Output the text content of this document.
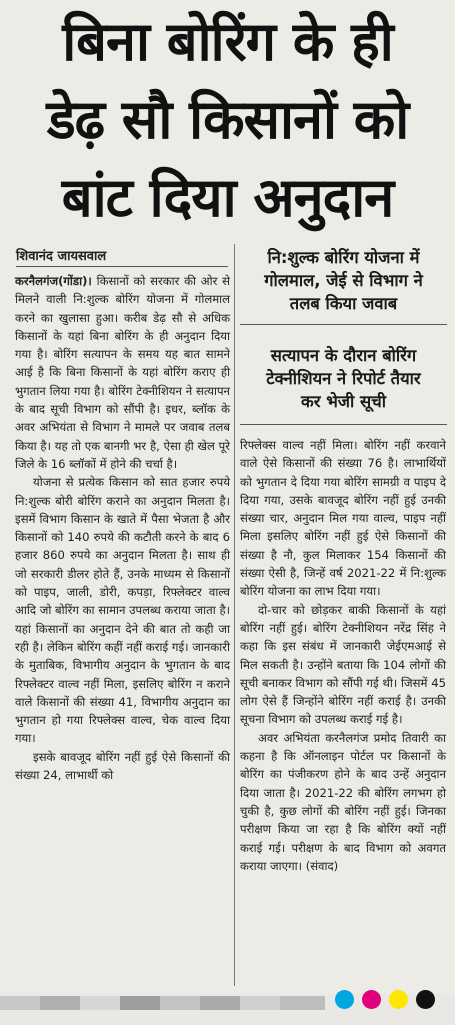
बिना बोरिंग के ही
डेढ़ सौ किसानों को
बांट दिया अनुदान
शिवानंद जायसवाल	नि:शुल्क बोरिंग योजना में
गोलमाल, जेई से विभाग ने
तलब किया जवाब
सत्यापन के दौरान बोरिंग
टेक्नीशियन ने रिपोर्ट तैयार
कर भेजी सूची

करनैलगंज(गोंडा)। किसानों को सरकार की ओर से मिलने वाली नि:शुल्क बोरिंग योजना में गोलमाल करने का खुलासा हुआ। करीब डेढ़ सौ से अधिक किसानों के यहां बिना बोरिंग के ही अनुदान दिया गया है। बोरिंग सत्यापन के समय यह बात सामने आई है कि बिना किसानों के यहां बोरिंग कराए ही भुगतान लिया गया है। बोरिंग टेक्नीशियन ने सत्यापन के बाद सूची विभाग को सौंपी है। इधर, ब्लॉक के अवर अभियंता से विभाग ने मामले पर जवाब तलब किया है। यह तो एक बानगी भर है, ऐसा ही खेल पूरे जिले के 16 ब्लॉकों में होने की चर्चा है।

योजना से प्रत्येक किसान को सात हजार रुपये नि:शुल्क बोरी बोरिंग कराने का अनुदान मिलता है। इसमें विभाग किसान के खाते में पैसा भेजता है और किसानों को 140 रुपये की कटौती करने के बाद 6 हजार 860 रुपये का अनुदान मिलता है। साथ ही जो सरकारी डीलर होते हैं, उनके माध्यम से किसानों को पाइप, जाली, डोरी, कपड़ा, रिफ्लेक्टर वाल्व आदि जो बोरिंग का सामान उपलब्ध कराया जाता है। यहां किसानों का अनुदान देने की बात तो कही जा रही है। लेकिन बोरिंग कहीं नहीं कराई गई। जानकारी के मुताबिक, विभागीय अनुदान के भुगतान के बाद रिफ्लेक्टर वाल्व नहीं मिला, इसलिए बोरिंग न कराने वाले किसानों की संख्या 41, विभागीय अनुदान का भुगतान हो गया रिफ्लेक्स वाल्व, चेक वाल्व दिया गया।

इसके बावजूद बोरिंग नहीं हुई ऐसे किसानों की संख्या 24, लाभार्थी को

रिफ्लेक्स वाल्व नहीं मिला। बोरिंग नहीं करवाने वाले ऐसे किसानों की संख्या 76 है। लाभार्थियों को भुगतान दे दिया गया बोरिंग सामग्री व पाइप दे दिया गया, उसके बावजूद बोरिंग नहीं हुई उनकी संख्या चार, अनुदान मिल गया वाल्व, पाइप नहीं मिला इसलिए बोरिंग नहीं हुई ऐसे किसानों की संख्या है नौ, कुल मिलाकर 154 किसानों की संख्या ऐसी है, जिन्हें वर्ष 2021-22 में नि:शुल्क बोरिंग योजना का लाभ दिया गया।

दो-चार को छोड़कर बाकी किसानों के यहां बोरिंग नहीं हुई। बोरिंग टेक्नीशियन नरेंद्र सिंह ने कहा कि इस संबंध में जानकारी जेईएमआई से मिल सकती है। उन्होंने बताया कि 104 लोगों की सूची बनाकर विभाग को सौंपी गई थी। जिसमें 45 लोग ऐसे हैं जिन्होंने बोरिंग नहीं कराई है। उनकी सूचना विभाग को उपलब्ध कराई गई है।

अवर अभियंता करनैलगंज प्रमोद तिवारी का कहना है कि ऑनलाइन पोर्टल पर किसानों के बोरिंग का पंजीकरण होने के बाद उन्हें अनुदान दिया जाता है। 2021-22 की बोरिंग लगभग हो चुकी है, कुछ लोगों की बोरिंग नहीं हुई। जिनका परीक्षण किया जा रहा है कि बोरिंग क्यों नहीं कराई गई। परीक्षण के बाद विभाग को अवगत कराया जाएगा। (संवाद)
